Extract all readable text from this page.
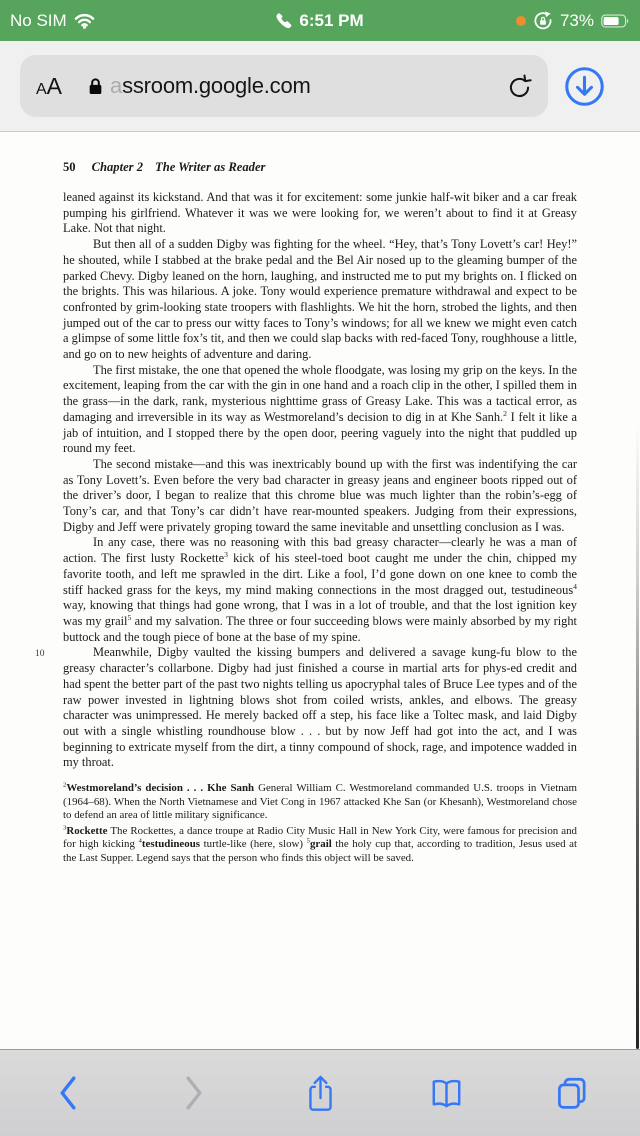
No SIM	6:51 PM	73%
A A assroom.google.com
50 Chapter 2 The Writer as Reader

leaned against its kickstand. And that was it for excitement: some junkie half-wit biker and a car freak pumping his girlfriend. Whatever it was we were looking for, we weren’t about to find it at Greasy Lake. Not that night.

But then all of a sudden Digby was fighting for the wheel. “Hey, that’s Tony Lovett’s car! Hey!” he shouted, while I stabbed at the brake pedal and the Bel Air nosed up to the gleaming bumper of the parked Chevy. Digby leaned on the horn, laughing, and instructed me to put my brights on. I flicked on the brights. This was hilarious. A joke. Tony would experience premature withdrawal and expect to be confronted by grim-looking state troopers with flashlights. We hit the horn, strobed the lights, and then jumped out of the car to press our witty faces to Tony’s windows; for all we knew we might even catch a glimpse of some little fox’s tit, and then we could slap backs with red-faced Tony, roughhouse a little, and go on to new heights of adventure and daring.

The first mistake, the one that opened the whole floodgate, was losing my grip on the keys. In the excitement, leaping from the car with the gin in one hand and a roach clip in the other, I spilled them in the grass—in the dark, rank, mysterious nighttime grass of Greasy Lake. This was a tactical error, as damaging and irreversible in its way as Westmoreland’s decision to dig in at Khe Sanh.$^2$ I felt it like a jab of intuition, and I stopped there by the open door, peering vaguely into the night that puddled up round my feet.

The second mistake—and this was inextricably bound up with the first was indentifying the car as Tony Lovett’s. Even before the very bad character in greasy jeans and engineer boots ripped out of the driver’s door, I began to realize that this chrome blue was much lighter than the robin’s-egg of Tony’s car, and that Tony’s car didn’t have rear-mounted speakers. Judging from their expressions, Digby and Jeff were privately groping toward the same inevitable and unsettling conclusion as I was.

In any case, there was no reasoning with this bad greasy character—clearly he was a man of action. The first lusty Rockette$^3$ kick of his steel-toed boot caught me under the chin, chipped my favorite tooth, and left me sprawled in the dirt. Like a fool, I’d gone down on one knee to comb the stiff hacked grass for the keys, my mind making connections in the most dragged out, testudineous$^4$ way, knowing that things had gone wrong, that I was in a lot of trouble, and that the lost ignition key was my grail$^5$ and my salvation. The three or four succeeding blows were mainly absorbed by my right buttock and the tough piece of bone at the base of my spine.

10	Meanwhile, Digby vaulted the kissing bumpers and delivered a savage kung-fu blow to the greasy character’s collarbone. Digby had just finished a course in martial arts for phys-ed credit and had spent the better part of the past two nights telling us apocryphal tales of Bruce Lee types and of the raw power invested in lightning blows shot from coiled wrists, ankles, and elbows. The greasy character was unimpressed. He merely backed off a step, his face like a Toltec mask, and laid Digby out with a single whistling roundhouse blow . . . but by now Jeff had got into the act, and I was beginning to extricate myself from the dirt, a tinny compound of shock, rage, and impotence wadded in my throat.

$^2$Westmoreland’s decision . . . Khe Sanh General William C. Westmoreland commanded U.S. troops in Vietnam (1964–68). When the North Vietnamese and Viet Cong in 1967 attacked Khe San (or Khesanh), Westmoreland chose to defend an area of little military significance.

$^3$Rockette The Rockettes, a dance troupe at Radio City Music Hall in New York City, were famous for precision and for high kicking $^4$testudineous turtle-like (here, slow) $^5$grail the holy cup that, according to tradition, Jesus used at the Last Supper. Legend says that the person who finds this object will be saved.
